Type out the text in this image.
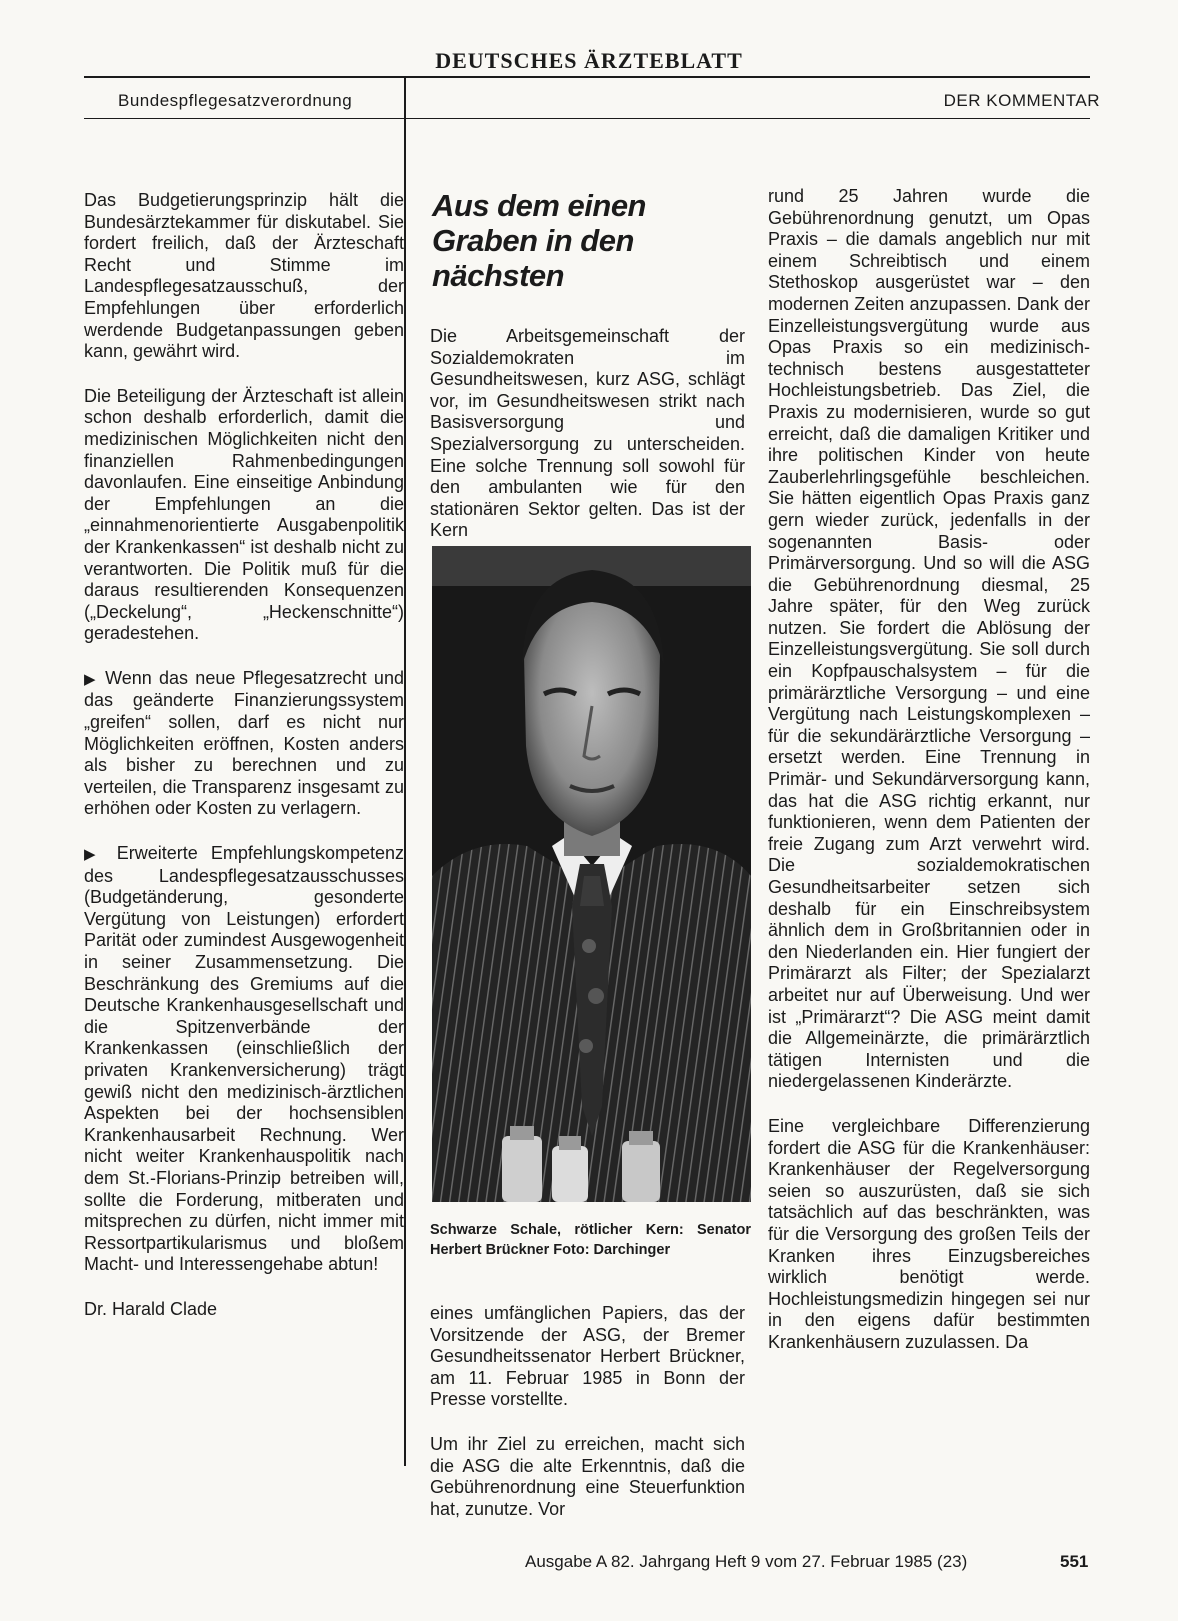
DEUTSCHES ÄRZTEBLATT
Bundespflegesatzverordnung	DER KOMMENTAR

Das Budgetierungsprinzip hält die Bundesärztekammer für diskutabel. Sie fordert freilich, daß der Ärzteschaft Recht und Stimme im Landespflegesatzausschuß, der Empfehlungen über erforderlich werdende Budgetanpassungen geben kann, gewährt wird.

Die Beteiligung der Ärzteschaft ist allein schon deshalb erforderlich, damit die medizinischen Möglichkeiten nicht den finanziellen Rahmenbedingungen davonlaufen. Eine einseitige Anbindung der Empfehlungen an die „einnahmenorientierte Ausgabenpolitik der Krankenkassen“ ist deshalb nicht zu verantworten. Die Politik muß für die daraus resultierenden Konsequenzen („Deckelung“, „Heckenschnitte“) geradestehen.

▶ Wenn das neue Pflegesatzrecht und das geänderte Finanzierungssystem „greifen“ sollen, darf es nicht nur Möglichkeiten eröffnen, Kosten anders als bisher zu berechnen und zu verteilen, die Transparenz insgesamt zu erhöhen oder Kosten zu verlagern.

▶ Erweiterte Empfehlungskompetenz des Landespflegesatzausschusses (Budgetänderung, gesonderte Vergütung von Leistungen) erfordert Parität oder zumindest Ausgewogenheit in seiner Zusammensetzung. Die Beschränkung des Gremiums auf die Deutsche Krankenhausgesellschaft und die Spitzenverbände der Krankenkassen (einschließlich der privaten Krankenversicherung) trägt gewiß nicht den medizinisch-ärztlichen Aspekten bei der hochsensiblen Krankenhausarbeit Rechnung. Wer nicht weiter Krankenhauspolitik nach dem St.-Florians-Prinzip betreiben will, sollte die Forderung, mitberaten und mitsprechen zu dürfen, nicht immer mit Ressortpartikularismus und bloßem Macht- und Interessengehabe abtun!

Dr. Harald Clade

Aus dem einen Graben in den nächsten

Die Arbeitsgemeinschaft der Sozialdemokraten im Gesundheitswesen, kurz ASG, schlägt vor, im Gesundheitswesen strikt nach Basisversorgung und Spezialversorgung zu unterscheiden. Eine solche Trennung soll sowohl für den ambulanten wie für den stationären Sektor gelten. Das ist der Kern

Schwarze Schale, rötlicher Kern: Senator Herbert Brückner Foto: Darchinger

eines umfänglichen Papiers, das der Vorsitzende der ASG, der Bremer Gesundheitssenator Herbert Brückner, am 11. Februar 1985 in Bonn der Presse vorstellte.

Um ihr Ziel zu erreichen, macht sich die ASG die alte Erkenntnis, daß die Gebührenordnung eine Steuerfunktion hat, zunutze. Vor

rund 25 Jahren wurde die Gebührenordnung genutzt, um Opas Praxis – die damals angeblich nur mit einem Schreibtisch und einem Stethoskop ausgerüstet war – den modernen Zeiten anzupassen. Dank der Einzelleistungsvergütung wurde aus Opas Praxis so ein medizinisch-technisch bestens ausgestatteter Hochleistungsbetrieb. Das Ziel, die Praxis zu modernisieren, wurde so gut erreicht, daß die damaligen Kritiker und ihre politischen Kinder von heute Zauberlehrlingsgefühle beschleichen. Sie hätten eigentlich Opas Praxis ganz gern wieder zurück, jedenfalls in der sogenannten Basis- oder Primärversorgung. Und so will die ASG die Gebührenordnung diesmal, 25 Jahre später, für den Weg zurück nutzen. Sie fordert die Ablösung der Einzelleistungsvergütung. Sie soll durch ein Kopfpauschalsystem – für die primärärztliche Versorgung – und eine Vergütung nach Leistungskomplexen – für die sekundärärztliche Versorgung – ersetzt werden. Eine Trennung in Primär- und Sekundärversorgung kann, das hat die ASG richtig erkannt, nur funktionieren, wenn dem Patienten der freie Zugang zum Arzt verwehrt wird. Die sozialdemokratischen Gesundheitsarbeiter setzen sich deshalb für ein Einschreibsystem ähnlich dem in Großbritannien oder in den Niederlanden ein. Hier fungiert der Primärarzt als Filter; der Spezialarzt arbeitet nur auf Überweisung. Und wer ist „Primärarzt“? Die ASG meint damit die Allgemeinärzte, die primärärztlich tätigen Internisten und die niedergelassenen Kinderärzte.

Eine vergleichbare Differenzierung fordert die ASG für die Krankenhäuser: Krankenhäuser der Regelversorgung seien so auszurüsten, daß sie sich tatsächlich auf das beschränkten, was für die Versorgung des großen Teils der Kranken ihres Einzugsbereiches wirklich benötigt werde. Hochleistungsmedizin hingegen sei nur in den eigens dafür bestimmten Krankenhäusern zuzulassen. Da

Ausgabe A 82. Jahrgang Heft 9 vom 27. Februar 1985 (23)	551
